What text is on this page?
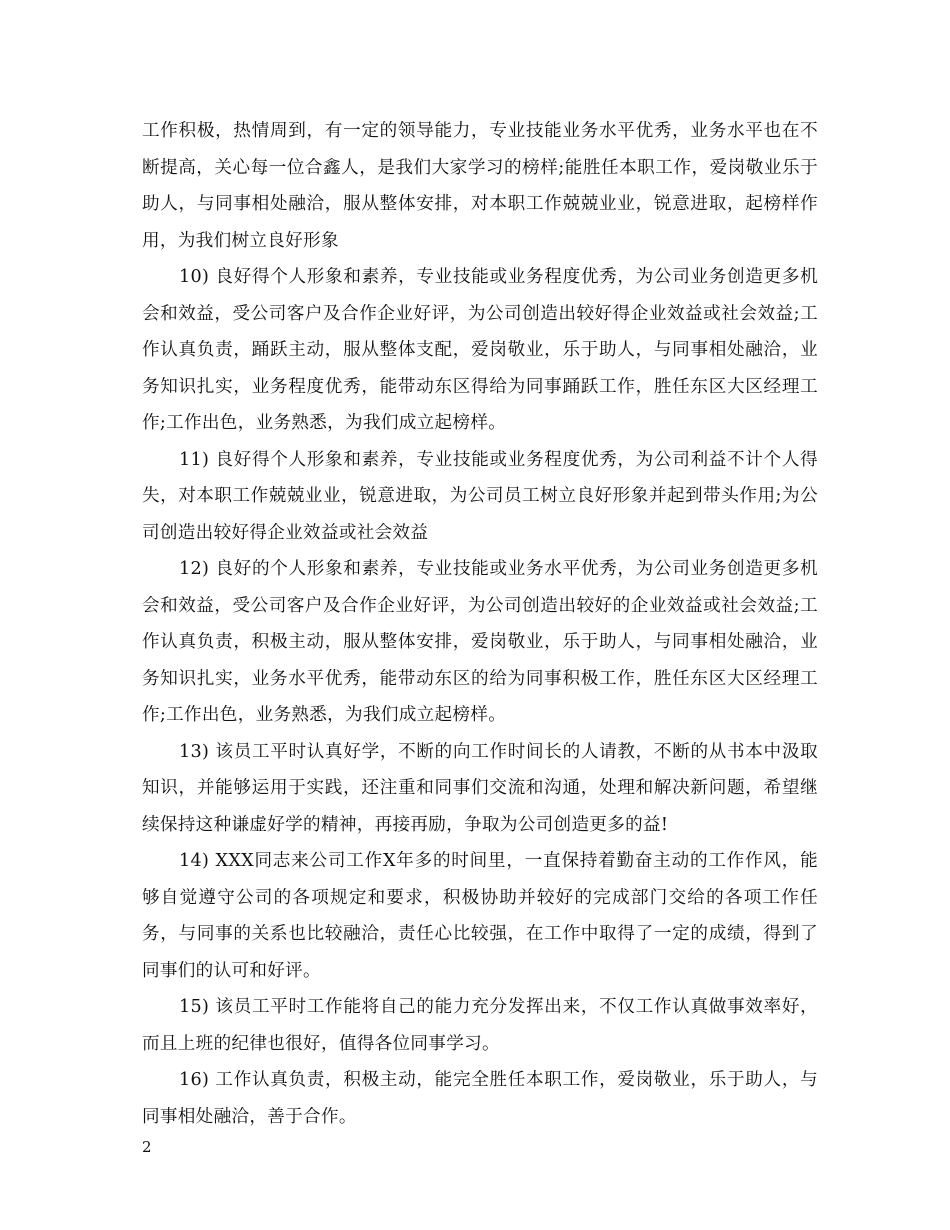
工作积极，热情周到，有一定的领导能力，专业技能业务水平优秀，业务水平也在不断提高，关心每一位合鑫人，是我们大家学习的榜样;能胜任本职工作，爱岗敬业乐于助人，与同事相处融洽，服从整体安排，对本职工作兢兢业业，锐意进取，起榜样作用，为我们树立良好形象

10) 良好得个人形象和素养，专业技能或业务程度优秀，为公司业务创造更多机会和效益，受公司客户及合作企业好评，为公司创造出较好得企业效益或社会效益;工作认真负责，踊跃主动，服从整体支配，爱岗敬业，乐于助人，与同事相处融洽，业务知识扎实，业务程度优秀，能带动东区得给为同事踊跃工作，胜任东区大区经理工作;工作出色，业务熟悉，为我们成立起榜样。

11) 良好得个人形象和素养，专业技能或业务程度优秀，为公司利益不计个人得失，对本职工作兢兢业业，锐意进取，为公司员工树立良好形象并起到带头作用;为公司创造出较好得企业效益或社会效益

12) 良好的个人形象和素养，专业技能或业务水平优秀，为公司业务创造更多机会和效益，受公司客户及合作企业好评，为公司创造出较好的企业效益或社会效益;工作认真负责，积极主动，服从整体安排，爱岗敬业，乐于助人，与同事相处融洽，业务知识扎实，业务水平优秀，能带动东区的给为同事积极工作，胜任东区大区经理工作;工作出色，业务熟悉，为我们成立起榜样。

13) 该员工平时认真好学，不断的向工作时间长的人请教，不断的从书本中汲取知识，并能够运用于实践，还注重和同事们交流和沟通，处理和解决新问题，希望继续保持这种谦虚好学的精神，再接再励，争取为公司创造更多的益!

14) XXX同志来公司工作X年多的时间里，一直保持着勤奋主动的工作作风，能够自觉遵守公司的各项规定和要求，积极协助并较好的完成部门交给的各项工作任务，与同事的关系也比较融洽，责任心比较强，在工作中取得了一定的成绩，得到了同事们的认可和好评。

15) 该员工平时工作能将自己的能力充分发挥出来，不仅工作认真做事效率好，而且上班的纪律也很好，值得各位同事学习。

16) 工作认真负责，积极主动，能完全胜任本职工作，爱岗敬业，乐于助人，与同事相处融洽，善于合作。

2
